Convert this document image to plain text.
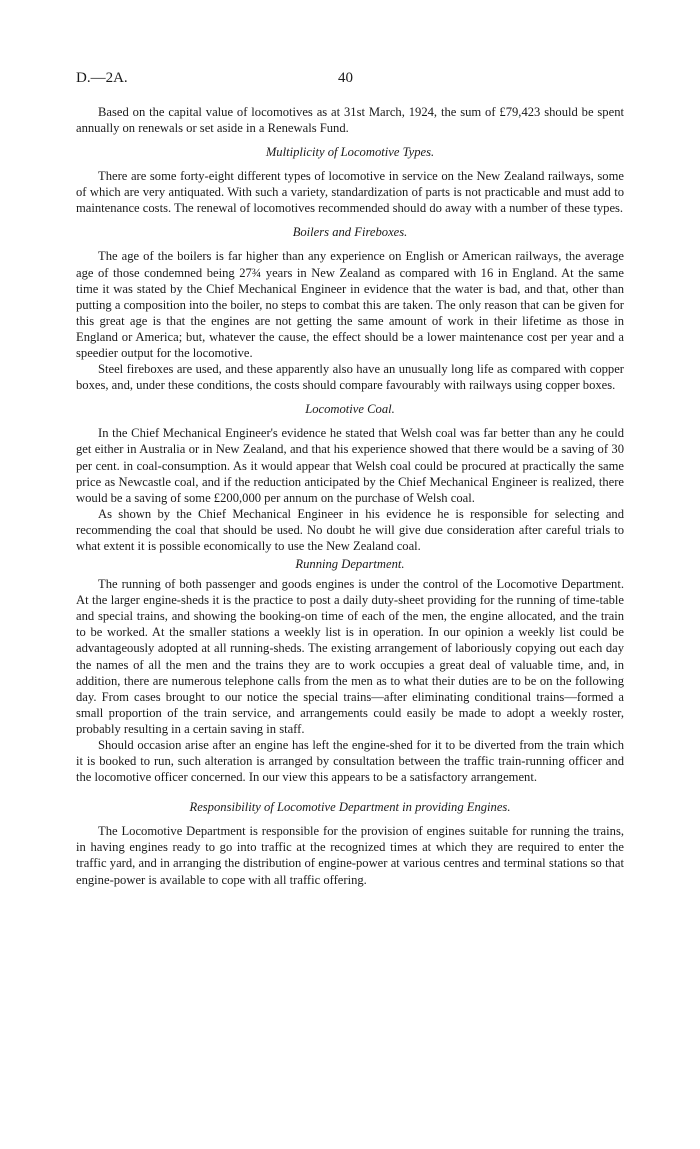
D.—2A.	40

Based on the capital value of locomotives as at 31st March, 1924, the sum of £79,423 should be spent annually on renewals or set aside in a Renewals Fund.

Multiplicity of Locomotive Types.

There are some forty-eight different types of locomotive in service on the New Zealand railways, some of which are very antiquated. With such a variety, standardization of parts is not practicable and must add to maintenance costs. The renewal of locomotives recommended should do away with a number of these types.

Boilers and Fireboxes.

The age of the boilers is far higher than any experience on English or American railways, the average age of those condemned being 27¾ years in New Zealand as compared with 16 in England. At the same time it was stated by the Chief Mechanical Engineer in evidence that the water is bad, and that, other than putting a composition into the boiler, no steps to combat this are taken. The only reason that can be given for this great age is that the engines are not getting the same amount of work in their lifetime as those in England or America; but, whatever the cause, the effect should be a lower maintenance cost per year and a speedier output for the locomotive.

Steel fireboxes are used, and these apparently also have an unusually long life as compared with copper boxes, and, under these conditions, the costs should compare favourably with railways using copper boxes.

Locomotive Coal.

In the Chief Mechanical Engineer's evidence he stated that Welsh coal was far better than any he could get either in Australia or in New Zealand, and that his experience showed that there would be a saving of 30 per cent. in coal-consumption. As it would appear that Welsh coal could be procured at practically the same price as Newcastle coal, and if the reduction anticipated by the Chief Mechanical Engineer is realized, there would be a saving of some £200,000 per annum on the purchase of Welsh coal.

As shown by the Chief Mechanical Engineer in his evidence he is responsible for selecting and recommending the coal that should be used. No doubt he will give due consideration after careful trials to what extent it is possible economically to use the New Zealand coal.

Running Department.

The running of both passenger and goods engines is under the control of the Locomotive Department. At the larger engine-sheds it is the practice to post a daily duty-sheet providing for the running of time-table and special trains, and showing the booking-on time of each of the men, the engine allocated, and the train to be worked. At the smaller stations a weekly list is in operation. In our opinion a weekly list could be advantageously adopted at all running-sheds. The existing arrangement of laboriously copying out each day the names of all the men and the trains they are to work occupies a great deal of valuable time, and, in addition, there are numerous telephone calls from the men as to what their duties are to be on the following day. From cases brought to our notice the special trains—after eliminating conditional trains—formed a small proportion of the train service, and arrangements could easily be made to adopt a weekly roster, probably resulting in a certain saving in staff.

Should occasion arise after an engine has left the engine-shed for it to be diverted from the train which it is booked to run, such alteration is arranged by consultation between the traffic train-running officer and the locomotive officer concerned. In our view this appears to be a satisfactory arrangement.

Responsibility of Locomotive Department in providing Engines.

The Locomotive Department is responsible for the provision of engines suitable for running the trains, in having engines ready to go into traffic at the recognized times at which they are required to enter the traffic yard, and in arranging the distribution of engine-power at various centres and terminal stations so that engine-power is available to cope with all traffic offering.
